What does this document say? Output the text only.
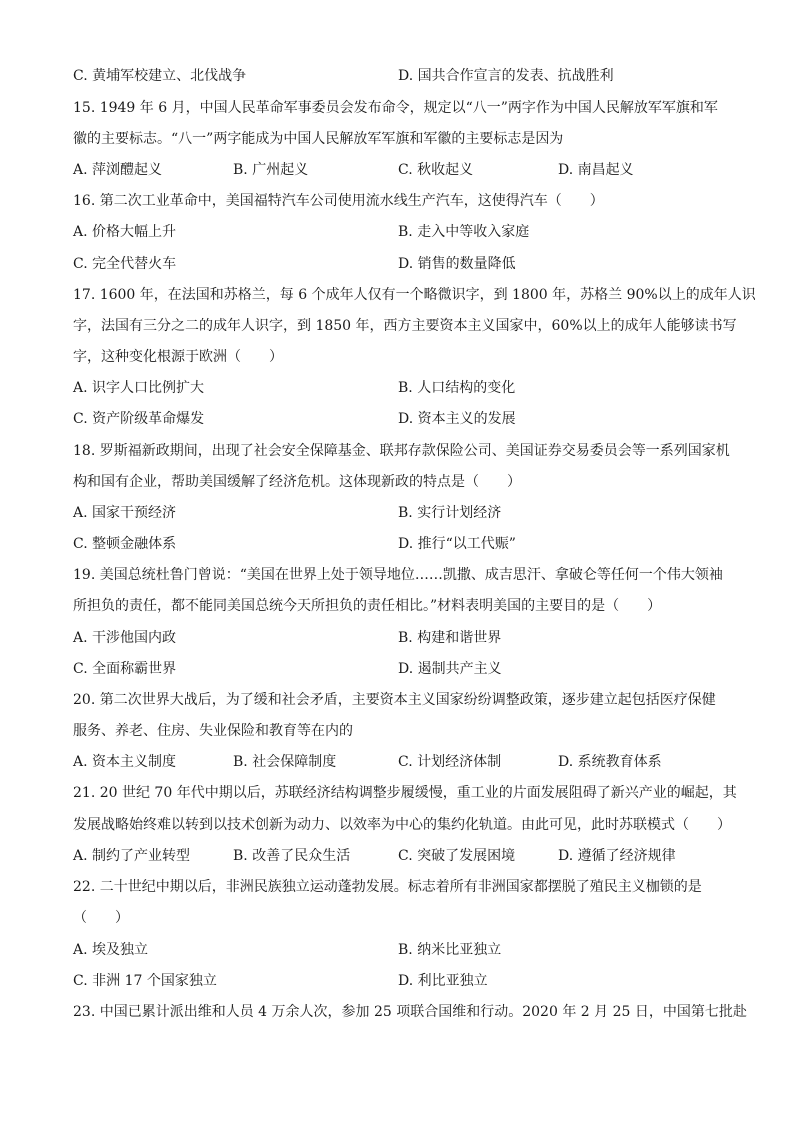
C. 黄埔军校建立、北伐战争	D. 国共合作宣言的发表、抗战胜利
15. 1949 年 6 月，中国人民革命军事委员会发布命令，规定以“八一”两字作为中国人民解放军军旗和军
徽的主要标志。“八一”两字能成为中国人民解放军军旗和军徽的主要标志是因为
A. 萍浏醴起义	B. 广州起义	C. 秋收起义	D. 南昌起义
16. 第二次工业革命中，美国福特汽车公司使用流水线生产汽车，这使得汽车（　　）
A. 价格大幅上升	B. 走入中等收入家庭
C. 完全代替火车	D. 销售的数量降低
17. 1600 年，在法国和苏格兰，每 6 个成年人仅有一个略微识字，到 1800 年，苏格兰 90%以上的成年人识
字，法国有三分之二的成年人识字，到 1850 年，西方主要资本主义国家中，60%以上的成年人能够读书写
字，这种变化根源于欧洲（　　）
A. 识字人口比例扩大	B. 人口结构的变化
C. 资产阶级革命爆发	D. 资本主义的发展
18. 罗斯福新政期间，出现了社会安全保障基金、联邦存款保险公司、美国证券交易委员会等一系列国家机
构和国有企业，帮助美国缓解了经济危机。这体现新政的特点是（　　）
A. 国家干预经济	B. 实行计划经济
C. 整顿金融体系	D. 推行“以工代赈”
19. 美国总统杜鲁门曾说：“美国在世界上处于领导地位……凯撒、成吉思汗、拿破仑等任何一个伟大领袖
所担负的责任，都不能同美国总统今天所担负的责任相比。”材料表明美国的主要目的是（　　）
A. 干涉他国内政	B. 构建和谐世界
C. 全面称霸世界	D. 遏制共产主义
20. 第二次世界大战后，为了缓和社会矛盾，主要资本主义国家纷纷调整政策，逐步建立起包括医疗保健
服务、养老、住房、失业保险和教育等在内的
A. 资本主义制度	B. 社会保障制度	C. 计划经济体制	D. 系统教育体系
21. 20 世纪 70 年代中期以后，苏联经济结构调整步履缓慢，重工业的片面发展阻碍了新兴产业的崛起，其
发展战略始终难以转到以技术创新为动力、以效率为中心的集约化轨道。由此可见，此时苏联模式（　　）
A. 制约了产业转型	B. 改善了民众生活	C. 突破了发展困境	D. 遵循了经济规律
22. 二十世纪中期以后，非洲民族独立运动蓬勃发展。标志着所有非洲国家都摆脱了殖民主义枷锁的是
（　　）
A. 埃及独立	B. 纳米比亚独立
C. 非洲 17 个国家独立	D. 利比亚独立
23. 中国已累计派出维和人员 4 万余人次，参加 25 项联合国维和行动。2020 年 2 月 25 日，中国第七批赴
